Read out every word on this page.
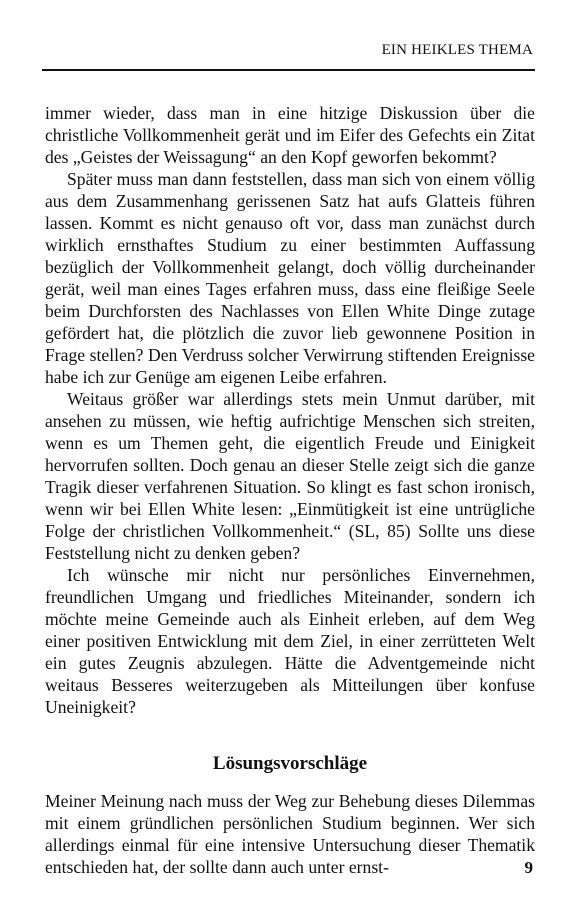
EIN HEIKLES THEMA

immer wieder, dass man in eine hitzige Diskussion über die christliche Vollkommenheit gerät und im Eifer des Gefechts ein Zitat des „Geistes der Weissagung“ an den Kopf geworfen bekommt?

Später muss man dann feststellen, dass man sich von einem völlig aus dem Zusammenhang gerissenen Satz hat aufs Glatteis führen lassen. Kommt es nicht genauso oft vor, dass man zunächst durch wirklich ernsthaftes Studium zu einer bestimmten Auffassung bezüglich der Vollkommenheit gelangt, doch völlig durcheinander gerät, weil man eines Tages erfahren muss, dass eine fleißige Seele beim Durchforsten des Nachlasses von Ellen White Dinge zutage gefördert hat, die plötzlich die zuvor lieb gewonnene Position in Frage stellen? Den Verdruss solcher Verwirrung stiftenden Ereignisse habe ich zur Genüge am eigenen Leibe erfahren.

Weitaus größer war allerdings stets mein Unmut darüber, mit ansehen zu müssen, wie heftig aufrichtige Menschen sich streiten, wenn es um Themen geht, die eigentlich Freude und Einigkeit hervorrufen sollten. Doch genau an dieser Stelle zeigt sich die ganze Tragik dieser verfahrenen Situation. So klingt es fast schon ironisch, wenn wir bei Ellen White lesen: „Einmütigkeit ist eine untrügliche Folge der christlichen Vollkommenheit.“ (SL, 85) Sollte uns diese Feststellung nicht zu denken geben?

Ich wünsche mir nicht nur persönliches Einvernehmen, freundlichen Umgang und friedliches Miteinander, sondern ich möchte meine Gemeinde auch als Einheit erleben, auf dem Weg einer positiven Entwicklung mit dem Ziel, in einer zerrütteten Welt ein gutes Zeugnis abzulegen. Hätte die Adventgemeinde nicht weitaus Besseres weiterzugeben als Mitteilungen über konfuse Uneinigkeit?

Lösungsvorschläge

Meiner Meinung nach muss der Weg zur Behebung dieses Dilemmas mit einem gründlichen persönlichen Studium beginnen. Wer sich allerdings einmal für eine intensive Untersuchung dieser Thematik entschieden hat, der sollte dann auch unter ernst-	9
